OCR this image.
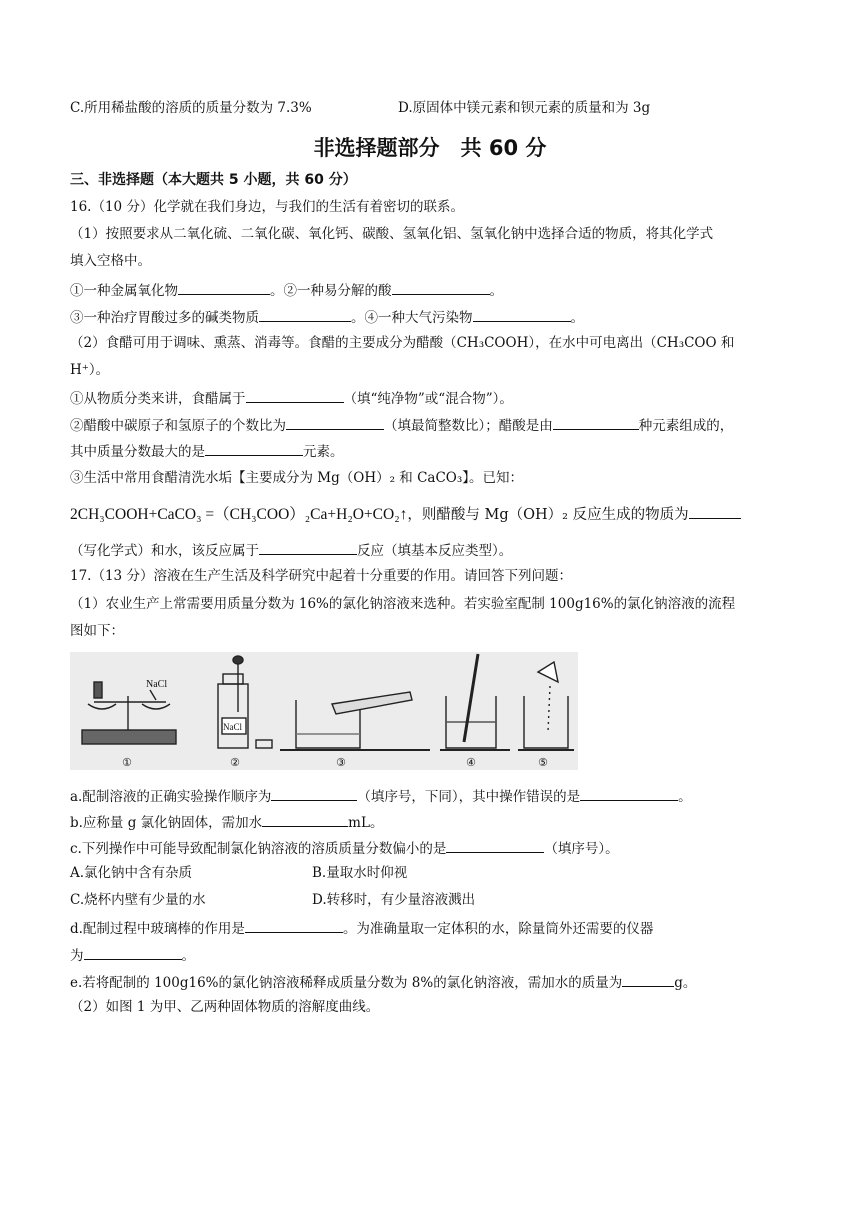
C.所用稀盐酸的溶质的质量分数为 7.3%	D.原固体中镁元素和钡元素的质量和为 3g
非选择题部分　共 60 分
三、非选择题（本大题共 5 小题，共 60 分）
16.（10 分）化学就在我们身边，与我们的生活有着密切的联系。
（1）按照要求从二氧化硫、二氧化碳、氧化钙、碳酸、氢氧化铝、氢氧化钠中选择合适的物质，将其化学式
填入空格中。
①一种金属氧化物	。②一种易分解的酸	。
③一种治疗胃酸过多的碱类物质	。④一种大气污染物	。
（2）食醋可用于调味、熏蒸、消毒等。食醋的主要成分为醋酸（CH₃COOH），在水中可电离出（CH₃COO 和
H⁺）。
①从物质分类来讲，食醋属于	（填“纯净物”或“混合物”）。
②醋酸中碳原子和氢原子的个数比为	（填最简整数比）；醋酸是由	种元素组成的，
其中质量分数最大的是	元素。
③生活中常用食醋清洗水垢【主要成分为 Mg（OH）₂ 和 CaCO₃】。已知：
2CH₃COOH+CaCO₃ =（CH₃COO）₂Ca+H₂O+CO₂↑，则醋酸与 Mg（OH）₂ 反应生成的物质为
（写化学式）和水，该反应属于	反应（填基本反应类型）。
17.（13 分）溶液在生产生活及科学研究中起着十分重要的作用。请回答下列问题：
（1）农业生产上常需要用质量分数为 16%的氯化钠溶液来选种。若实验室配制 100g16%的氯化钠溶液的流程
图如下：
NaCl
NaCl
①	②	③	④	⑤
a.配制溶液的正确实验操作顺序为	（填序号，下同），其中操作错误的是	。
b.应称量 g 氯化钠固体，需加水	mL。
c.下列操作中可能导致配制氯化钠溶液的溶质质量分数偏小的是	（填序号）。
A.氯化钠中含有杂质	B.量取水时仰视
C.烧杯内壁有少量的水	D.转移时，有少量溶液溅出
d.配制过程中玻璃棒的作用是	。为准确量取一定体积的水，除量筒外还需要的仪器
为	。
e.若将配制的 100g16%的氯化钠溶液稀释成质量分数为 8%的氯化钠溶液，需加水的质量为	g。
（2）如图 1 为甲、乙两种固体物质的溶解度曲线。
